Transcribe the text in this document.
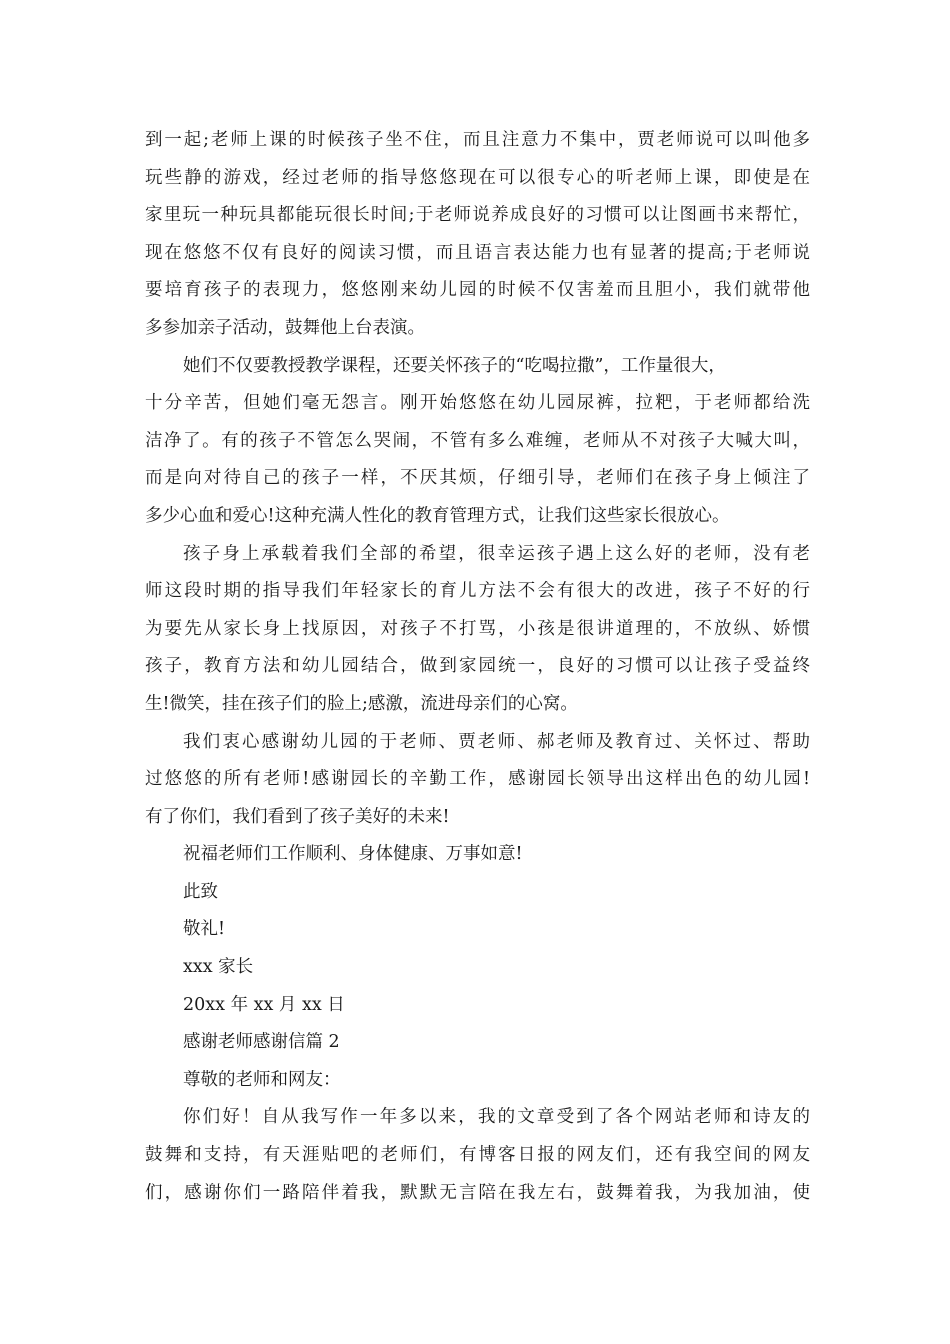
到一起;老师上课的时候孩子坐不住，而且注意力不集中，贾老师说可以叫他多
玩些静的游戏，经过老师的指导悠悠现在可以很专心的听老师上课，即使是在
家里玩一种玩具都能玩很长时间;于老师说养成良好的习惯可以让图画书来帮忙，
现在悠悠不仅有良好的阅读习惯，而且语言表达能力也有显著的提高;于老师说
要培育孩子的表现力，悠悠刚来幼儿园的时候不仅害羞而且胆小，我们就带他
多参加亲子活动，鼓舞他上台表演。
她们不仅要教授教学课程，还要关怀孩子的“吃喝拉撒”，工作量很大，
十分辛苦，但她们毫无怨言。刚开始悠悠在幼儿园尿裤，拉粑，于老师都给洗
洁净了。有的孩子不管怎么哭闹，不管有多么难缠，老师从不对孩子大喊大叫，
而是向对待自己的孩子一样，不厌其烦，仔细引导，老师们在孩子身上倾注了
多少心血和爱心!这种充满人性化的教育管理方式，让我们这些家长很放心。
孩子身上承载着我们全部的希望，很幸运孩子遇上这么好的老师，没有老
师这段时期的指导我们年轻家长的育儿方法不会有很大的改进，孩子不好的行
为要先从家长身上找原因，对孩子不打骂，小孩是很讲道理的，不放纵、娇惯
孩子，教育方法和幼儿园结合，做到家园统一，良好的习惯可以让孩子受益终
生!微笑，挂在孩子们的脸上;感激，流进母亲们的心窝。
我们衷心感谢幼儿园的于老师、贾老师、郝老师及教育过、关怀过、帮助
过悠悠的所有老师!感谢园长的辛勤工作，感谢园长领导出这样出色的幼儿园!
有了你们，我们看到了孩子美好的未来!
祝福老师们工作顺利、身体健康、万事如意!
此致
敬礼!
xxx 家长
20xx 年 xx 月 xx 日
感谢老师感谢信篇 2
尊敬的老师和网友：
你们好！自从我写作一年多以来，我的文章受到了各个网站老师和诗友的
鼓舞和支持，有天涯贴吧的老师们，有博客日报的网友们，还有我空间的网友
们，感谢你们一路陪伴着我，默默无言陪在我左右，鼓舞着我，为我加油，使
